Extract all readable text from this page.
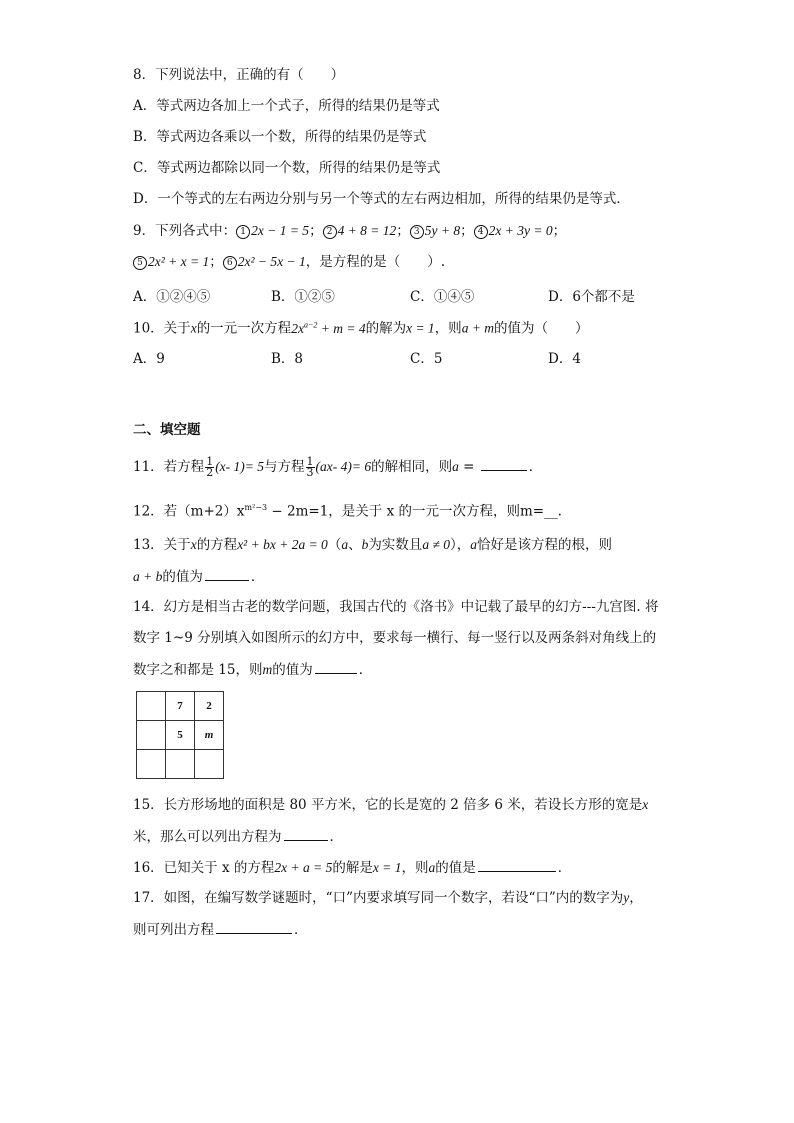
8．下列说法中，正确的有（　　）
A．等式两边各加上一个式子，所得的结果仍是等式
B．等式两边各乘以一个数，所得的结果仍是等式
C．等式两边都除以同一个数，所得的结果仍是等式
D．一个等式的左右两边分别与另一个等式的左右两边相加，所得的结果仍是等式．
9．下列各式中： 1 2x − 1 = 5； 2 4 + 8 = 12； 3 5y + 8； 4 2x + 3y = 0；
5 2x² + x = 1； 6 2x² − 5x − 1，是方程的是（　　）.
A．①②④⑤	B．①②⑤	C．①④⑤	D．6个都不是
10．关于x的一元一次方程$2x^{a-2} + m = 4$的解为x = 1，则a + m的值为（　　）
A．9	B．8	C．5	D．4
二、填空题
11．若方程 $\frac{1}{2} (x-$ 1)= 5与方程 $\frac{1}{3} (ax-$ 4)= 6的解相同，则a =	．
12．若$(m+2)x^{m^2-3} - 2m=1$，是关于 x 的一元一次方程，则m=__.
13．关于x的方程x² + bx + 2a = 0（a、b为实数且a ≠ 0），a恰好是该方程的根，则
a + b的值为	．
14．幻方是相当古老的数学问题，我国古代的《洛书》中记载了最早的幻方---九宫图. 将
数字 1~9 分别填入如图所示的幻方中，要求每一横行、每一竖行以及两条斜对角线上的
数字之和都是 15，则m的值为	．
	7	2
	5	m

15．长方形场地的面积是 80 平方米，它的长是宽的 2 倍多 6 米，若设长方形的宽是x
米，那么可以列出方程为	．
16．已知关于 x 的方程2x + a = 5的解是x = 1，则a的值是	．
17．如图，在编写数学谜题时，“口”内要求填写同一个数字，若设“口”内的数字为y，
则可列出方程	．
